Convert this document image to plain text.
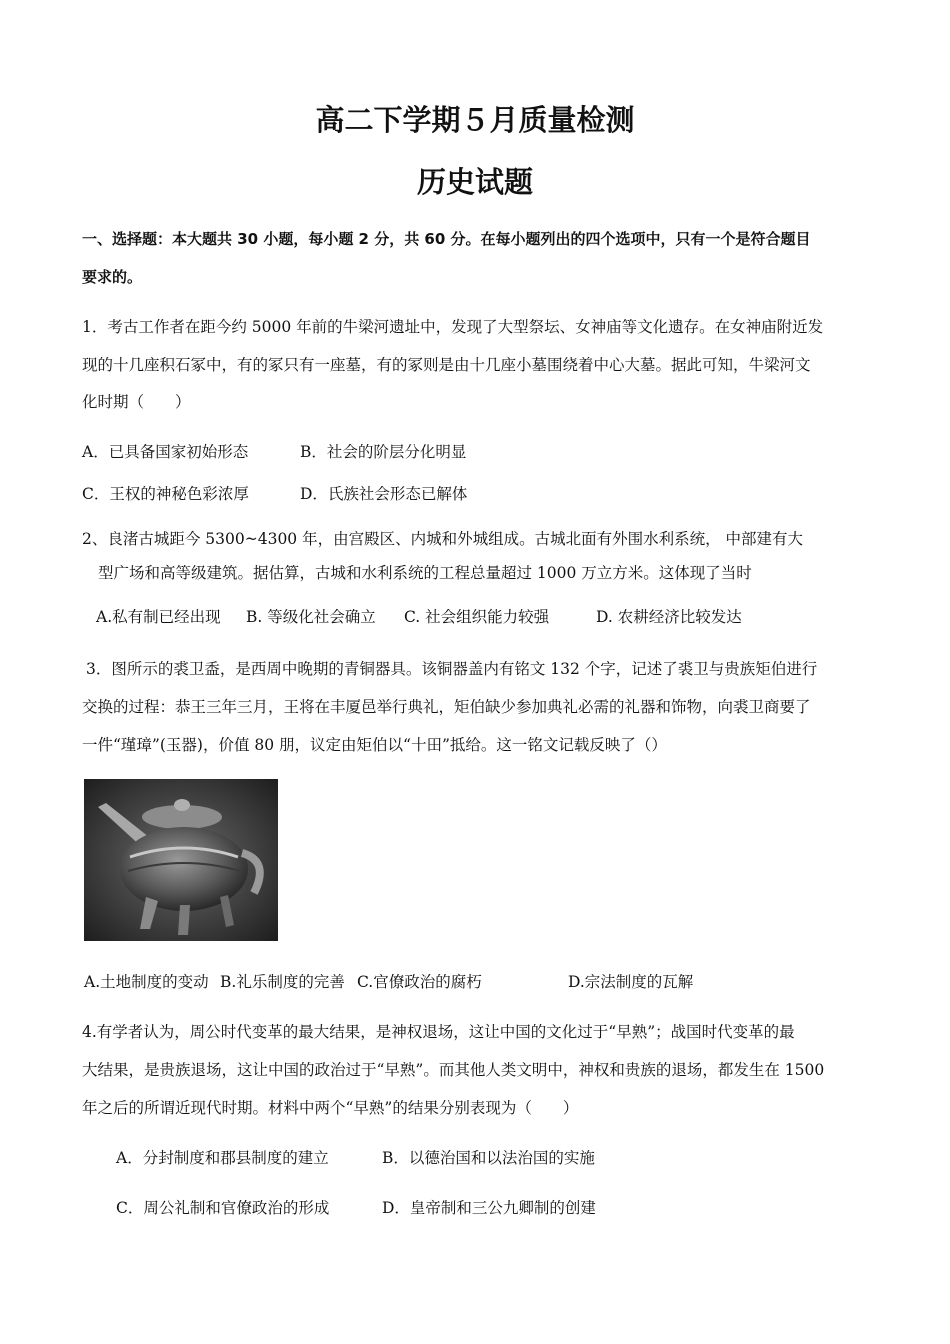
高二下学期５月质量检测
历史试题
一、选择题：本大题共 30 小题，每小题 2 分，共 60 分。在每小题列出的四个选项中，只有一个是符合题目
要求的。
1．考古工作者在距今约 5000 年前的牛梁河遗址中，发现了大型祭坛、女神庙等文化遗存。在女神庙附近发
现的十几座积石冢中，有的冢只有一座墓，有的冢则是由十几座小墓围绕着中心大墓。据此可知，牛梁河文
化时期（　　）
A．已具备国家初始形态	B．社会的阶层分化明显
C．王权的神秘色彩浓厚	D．氏族社会形态已解体
2、良渚古城距今 5300~4300 年，由宫殿区、内城和外城组成。古城北面有外围水利系统， 中部建有大
型广场和高等级建筑。据估算，古城和水利系统的工程总量超过 1000 万立方米。这体现了当时
A.私有制已经出现 B. 等级化社会确立 C. 社会组织能力较强	D. 农耕经济比较发达
3．图所示的裘卫盉，是西周中晚期的青铜器具。该铜器盖内有铭文 132 个字，记述了裘卫与贵族矩伯进行
交换的过程：恭王三年三月，王将在丰厦邑举行典礼，矩伯缺少参加典礼必需的礼器和饰物，向裘卫商要了
一件“瑾璋”(玉器)，价值 80 朋，议定由矩伯以“十田”抵给。这一铭文记载反映了（）
A.土地制度的变动 B.礼乐制度的完善 C.官僚政治的腐朽	D.宗法制度的瓦解
4.有学者认为，周公时代变革的最大结果，是神权退场，这让中国的文化过于“早熟”；战国时代变革的最
大结果，是贵族退场，这让中国的政治过于“早熟”。而其他人类文明中，神权和贵族的退场，都发生在 1500
年之后的所谓近现代时期。材料中两个“早熟”的结果分别表现为（　　）
A．分封制度和郡县制度的建立	B．以德治国和以法治国的实施
C．周公礼制和官僚政治的形成	D．皇帝制和三公九卿制的创建
